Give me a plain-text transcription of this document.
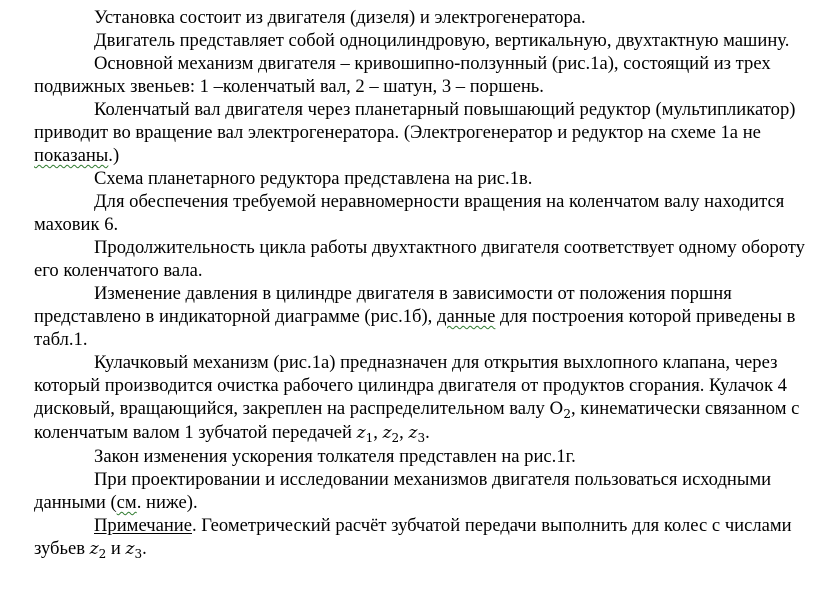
Установка состоит из двигателя (дизеля) и электрогенератора.

Двигатель представляет собой одноцилиндровую, вертикальную, двухтактную машину.

Основной механизм двигателя – кривошипно-ползунный (рис.1а), состоящий из трех подвижных звеньев: 1 –коленчатый вал, 2 – шатун, 3 – поршень.

Коленчатый вал двигателя через планетарный повышающий редуктор (мультипликатор) приводит во вращение вал электрогенератора. (Электрогенератор и редуктор на схеме 1а не показаны.)

Схема планетарного редуктора представлена на рис.1в.

Для обеспечения требуемой неравномерности вращения на коленчатом валу находится маховик 6.

Продолжительность цикла работы двухтактного двигателя соответствует одному обороту его коленчатого вала.

Изменение давления в цилиндре двигателя в зависимости от положения поршня представлено в индикаторной диаграмме (рис.1б), данные для построения которой приведены в табл.1.

Кулачковый механизм (рис.1а) предназначен для открытия выхлопного клапана, через который производится очистка рабочего цилиндра двигателя от продуктов сгорания. Кулачок 4 дисковый, вращающийся, закреплен на распределительном валу $O_2$, кинематически связанном с коленчатым валом 1 зубчатой передачей $z_1$, $z_2$, $z_3$.

Закон изменения ускорения толкателя представлен на рис.1г.

При проектировании и исследовании механизмов двигателя пользоваться исходными данными (см. ниже).

Примечание. Геометрический расчёт зубчатой передачи выполнить для колес с числами зубьев $z_2$ и $z_3$.
